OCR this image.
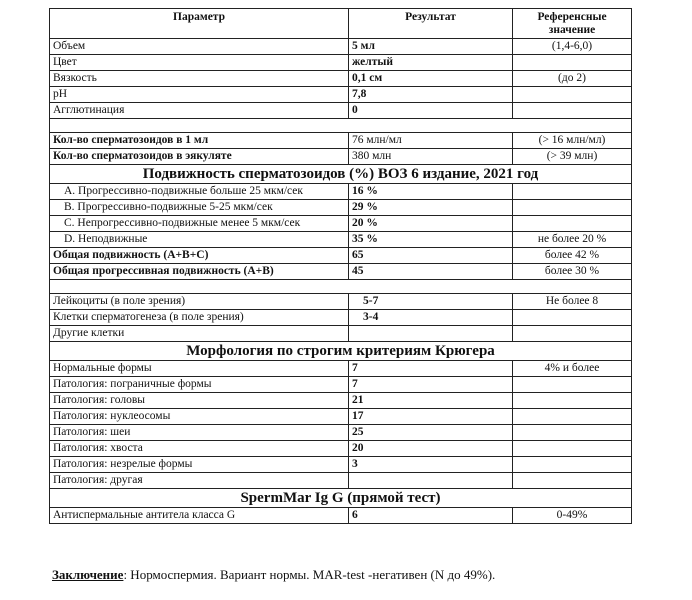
Параметр	Результат	Референсные значение
Объем	5 мл	(1,4-6,0)
Цвет	желтый	
Вязкость	0,1 см	(до 2)
pH	7,8	
Агглютинация	0	

Кол-во сперматозоидов в 1 мл	76 млн/мл	(> 16 млн/мл)
Кол-во сперматозоидов в эякуляте	380 млн	(> 39 млн)
Подвижность сперматозоидов (%) ВОЗ 6 издание, 2021 год		
A. Прогрессивно-подвижные больше 25 мкм/сек	16 %	
B. Прогрессивно-подвижные 5-25 мкм/сек	29 %	
C. Непрогрессивно-подвижные менее 5 мкм/сек	20 %	
D. Неподвижные	35 %	не более 20 %
Общая подвижность (A+B+C)	65	более 42 %
Общая прогрессивная подвижность (A+B)	45	более 30 %

Лейкоциты (в поле зрения)	5-7	Не более 8
Клетки сперматогенеза (в поле зрения)	3-4	
Другие клетки		
Морфология по строгим критериям Крюгера		
Нормальные формы	7	4% и более
Патология: пограничные формы	7	
Патология: головы	21	
Патология: нуклеосомы	17	
Патология: шеи	25	
Патология: хвоста	20	
Патология: незрелые формы	3	
Патология: другая		
SpermMar Ig G (прямой тест)		
Антиспермальные антитела класса G	6	0-49%
Заключение: Нормоспермия. Вариант нормы. MAR-test -негативен (N до 49%).
